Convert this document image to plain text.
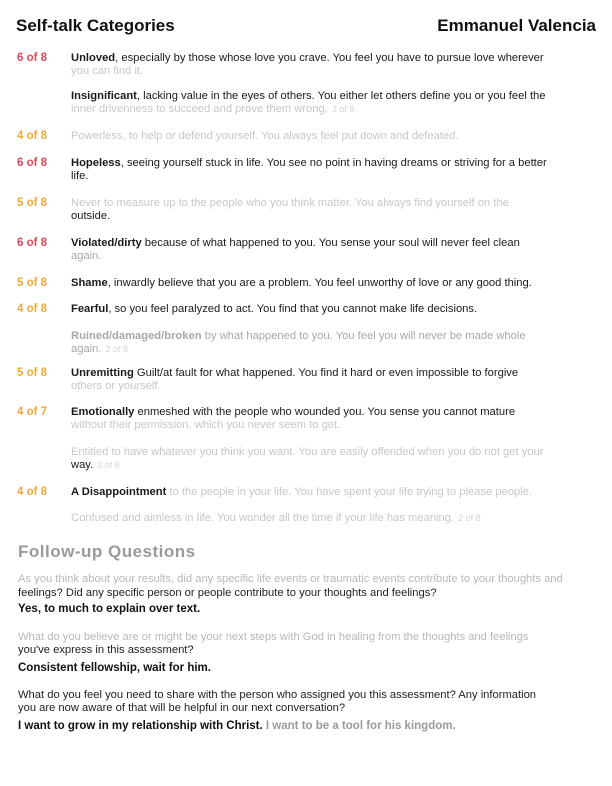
Self-talk Categories	Emmanuel Valencia
6 of 8 Unloved, especially by those whose love you crave. You feel you have to pursue love wherever
you can find it.
Insignificant, lacking value in the eyes of others. You either let others define you or you feel the
inner drivenness to succeed and prove them wrong. 3 of 8
4 of 8 Powerless, to help or defend yourself. You always feel put down and defeated.
6 of 8 Hopeless, seeing yourself stuck in life. You see no point in having dreams or striving for a better
life.
5 of 8 Never to measure up to the people who you think matter. You always find yourself on the
outside.
6 of 8 Violated/dirty because of what happened to you. You sense your soul will never feel clean
again.
5 of 8 Shame, inwardly believe that you are a problem. You feel unworthy of love or any good thing.
4 of 8 Fearful, so you feel paralyzed to act. You find that you cannot make life decisions.
Ruined/damaged/broken by what happened to you. You feel you will never be made whole
again. 2 of 8
5 of 8 Unremitting Guilt/at fault for what happened. You find it hard or even impossible to forgive
others or yourself.
4 of 7 Emotionally enmeshed with the people who wounded you. You sense you cannot mature
without their permission, which you never seem to get.
Entitled to have whatever you think you want. You are easily offended when you do not get your
way. 3 of 8
4 of 8 A Disappointment to the people in your life. You have spent your life trying to please people.
Confused and aimless in life. You wonder all the time if your life has meaning. 2 of 8
Follow-up Questions
As you think about your results, did any specific life events or traumatic events contribute to your thoughts and
feelings? Did any specific person or people contribute to your thoughts and feelings?
Yes, to much to explain over text.
What do you believe are or might be your next steps with God in healing from the thoughts and feelings
you've express in this assessment?
Consistent fellowship, wait for him.
What do you feel you need to share with the person who assigned you this assessment? Any information
you are now aware of that will be helpful in our next conversation?
I want to grow in my relationship with Christ. I want to be a tool for his kingdom.
